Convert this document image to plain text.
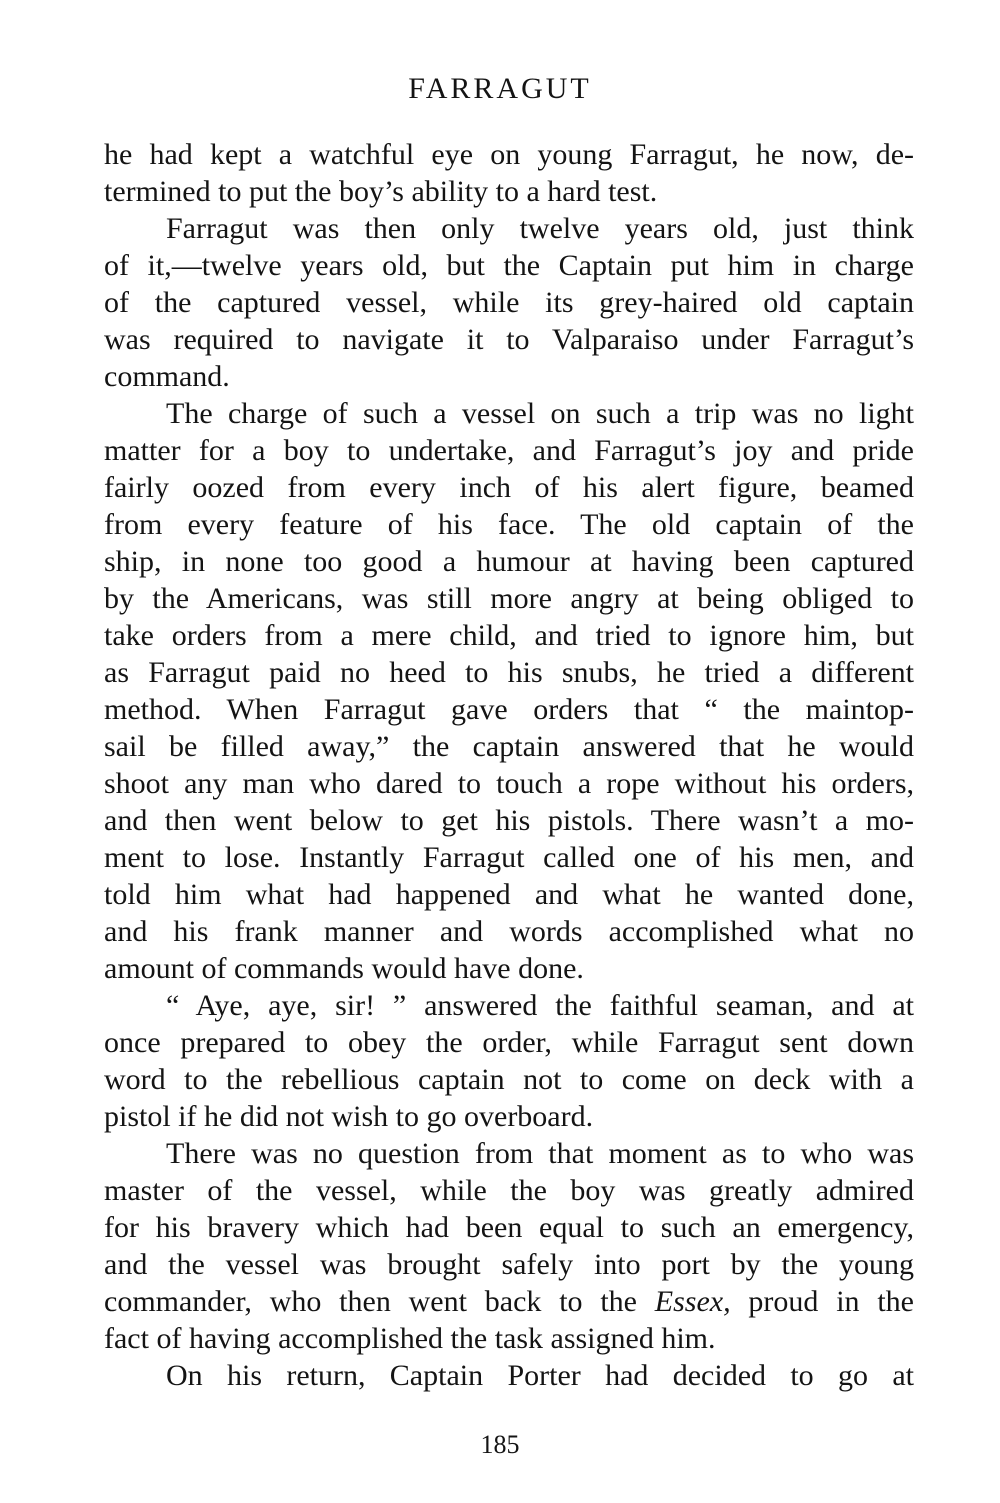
FARRAGUT
he had kept a watchful eye on young Farragut, he now, de-
termined to put the boy’s ability to a hard test.
Farragut was then only twelve years old, just think
of it,—twelve years old, but the Captain put him in charge
of the captured vessel, while its grey-haired old captain
was required to navigate it to Valparaiso under Farragut’s
command.
The charge of such a vessel on such a trip was no light
matter for a boy to undertake, and Farragut’s joy and pride
fairly oozed from every inch of his alert figure, beamed
from every feature of his face. The old captain of the
ship, in none too good a humour at having been captured
by the Americans, was still more angry at being obliged to
take orders from a mere child, and tried to ignore him, but
as Farragut paid no heed to his snubs, he tried a different
method. When Farragut gave orders that “ the maintop-
sail be filled away,” the captain answered that he would
shoot any man who dared to touch a rope without his orders,
and then went below to get his pistols. There wasn’t a mo-
ment to lose. Instantly Farragut called one of his men, and
told him what had happened and what he wanted done,
and his frank manner and words accomplished what no
amount of commands would have done.
“ Aye, aye, sir! ” answered the faithful seaman, and at
once prepared to obey the order, while Farragut sent down
word to the rebellious captain not to come on deck with a
pistol if he did not wish to go overboard.
There was no question from that moment as to who was
master of the vessel, while the boy was greatly admired
for his bravery which had been equal to such an emergency,
and the vessel was brought safely into port by the young
commander, who then went back to the Essex, proud in the
fact of having accomplished the task assigned him.
On his return, Captain Porter had decided to go at
185
